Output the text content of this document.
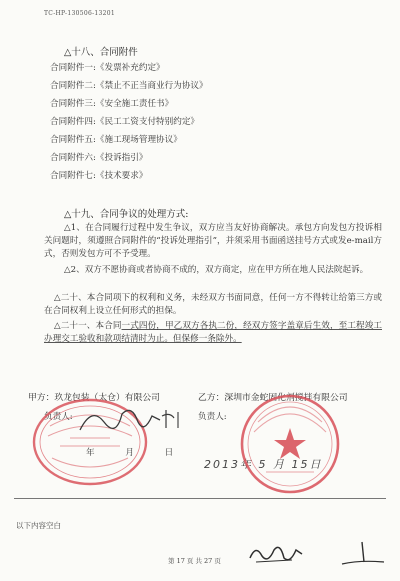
TC-HP-130506-13201
△十八、合同附件
合同附件一:《发票补充约定》
合同附件二:《禁止不正当商业行为协议》
合同附件三:《安全施工责任书》
合同附件四:《民工工资支付特别约定》
合同附件五:《施工现场管理协议》
合同附件六:《投诉指引》
合同附件七:《技术要求》
△十九、合同争议的处理方式:
△1、在合同履行过程中发生争议，双方应当友好协商解决。承包方向发包方投诉相关问题时，须遵照合同附件的“投诉处理指引”，并须采用书面函送挂号方式或发e-mail方式，否则发包方可不予受理。
△2、双方不愿协商或者协商不成的，双方商定，应在甲方所在地人民法院起诉。
△二十、本合同项下的权利和义务，未经双方书面同意，任何一方不得转让给第三方或在合同权利上设立任何形式的担保。
△二十一、本合同一式四份，甲乙双方各执二份，经双方签字盖章后生效，至工程竣工办理交工验收和款项结清时为止。但保修一条除外。
甲方：玖龙包装（太仓）有限公司	乙方：深圳市金蛇固化剂搅拌有限公司
负责人:	负责人:
年 月 日
2013年 5 月 15日
以下内容空白
第 17 页 共 27 页
